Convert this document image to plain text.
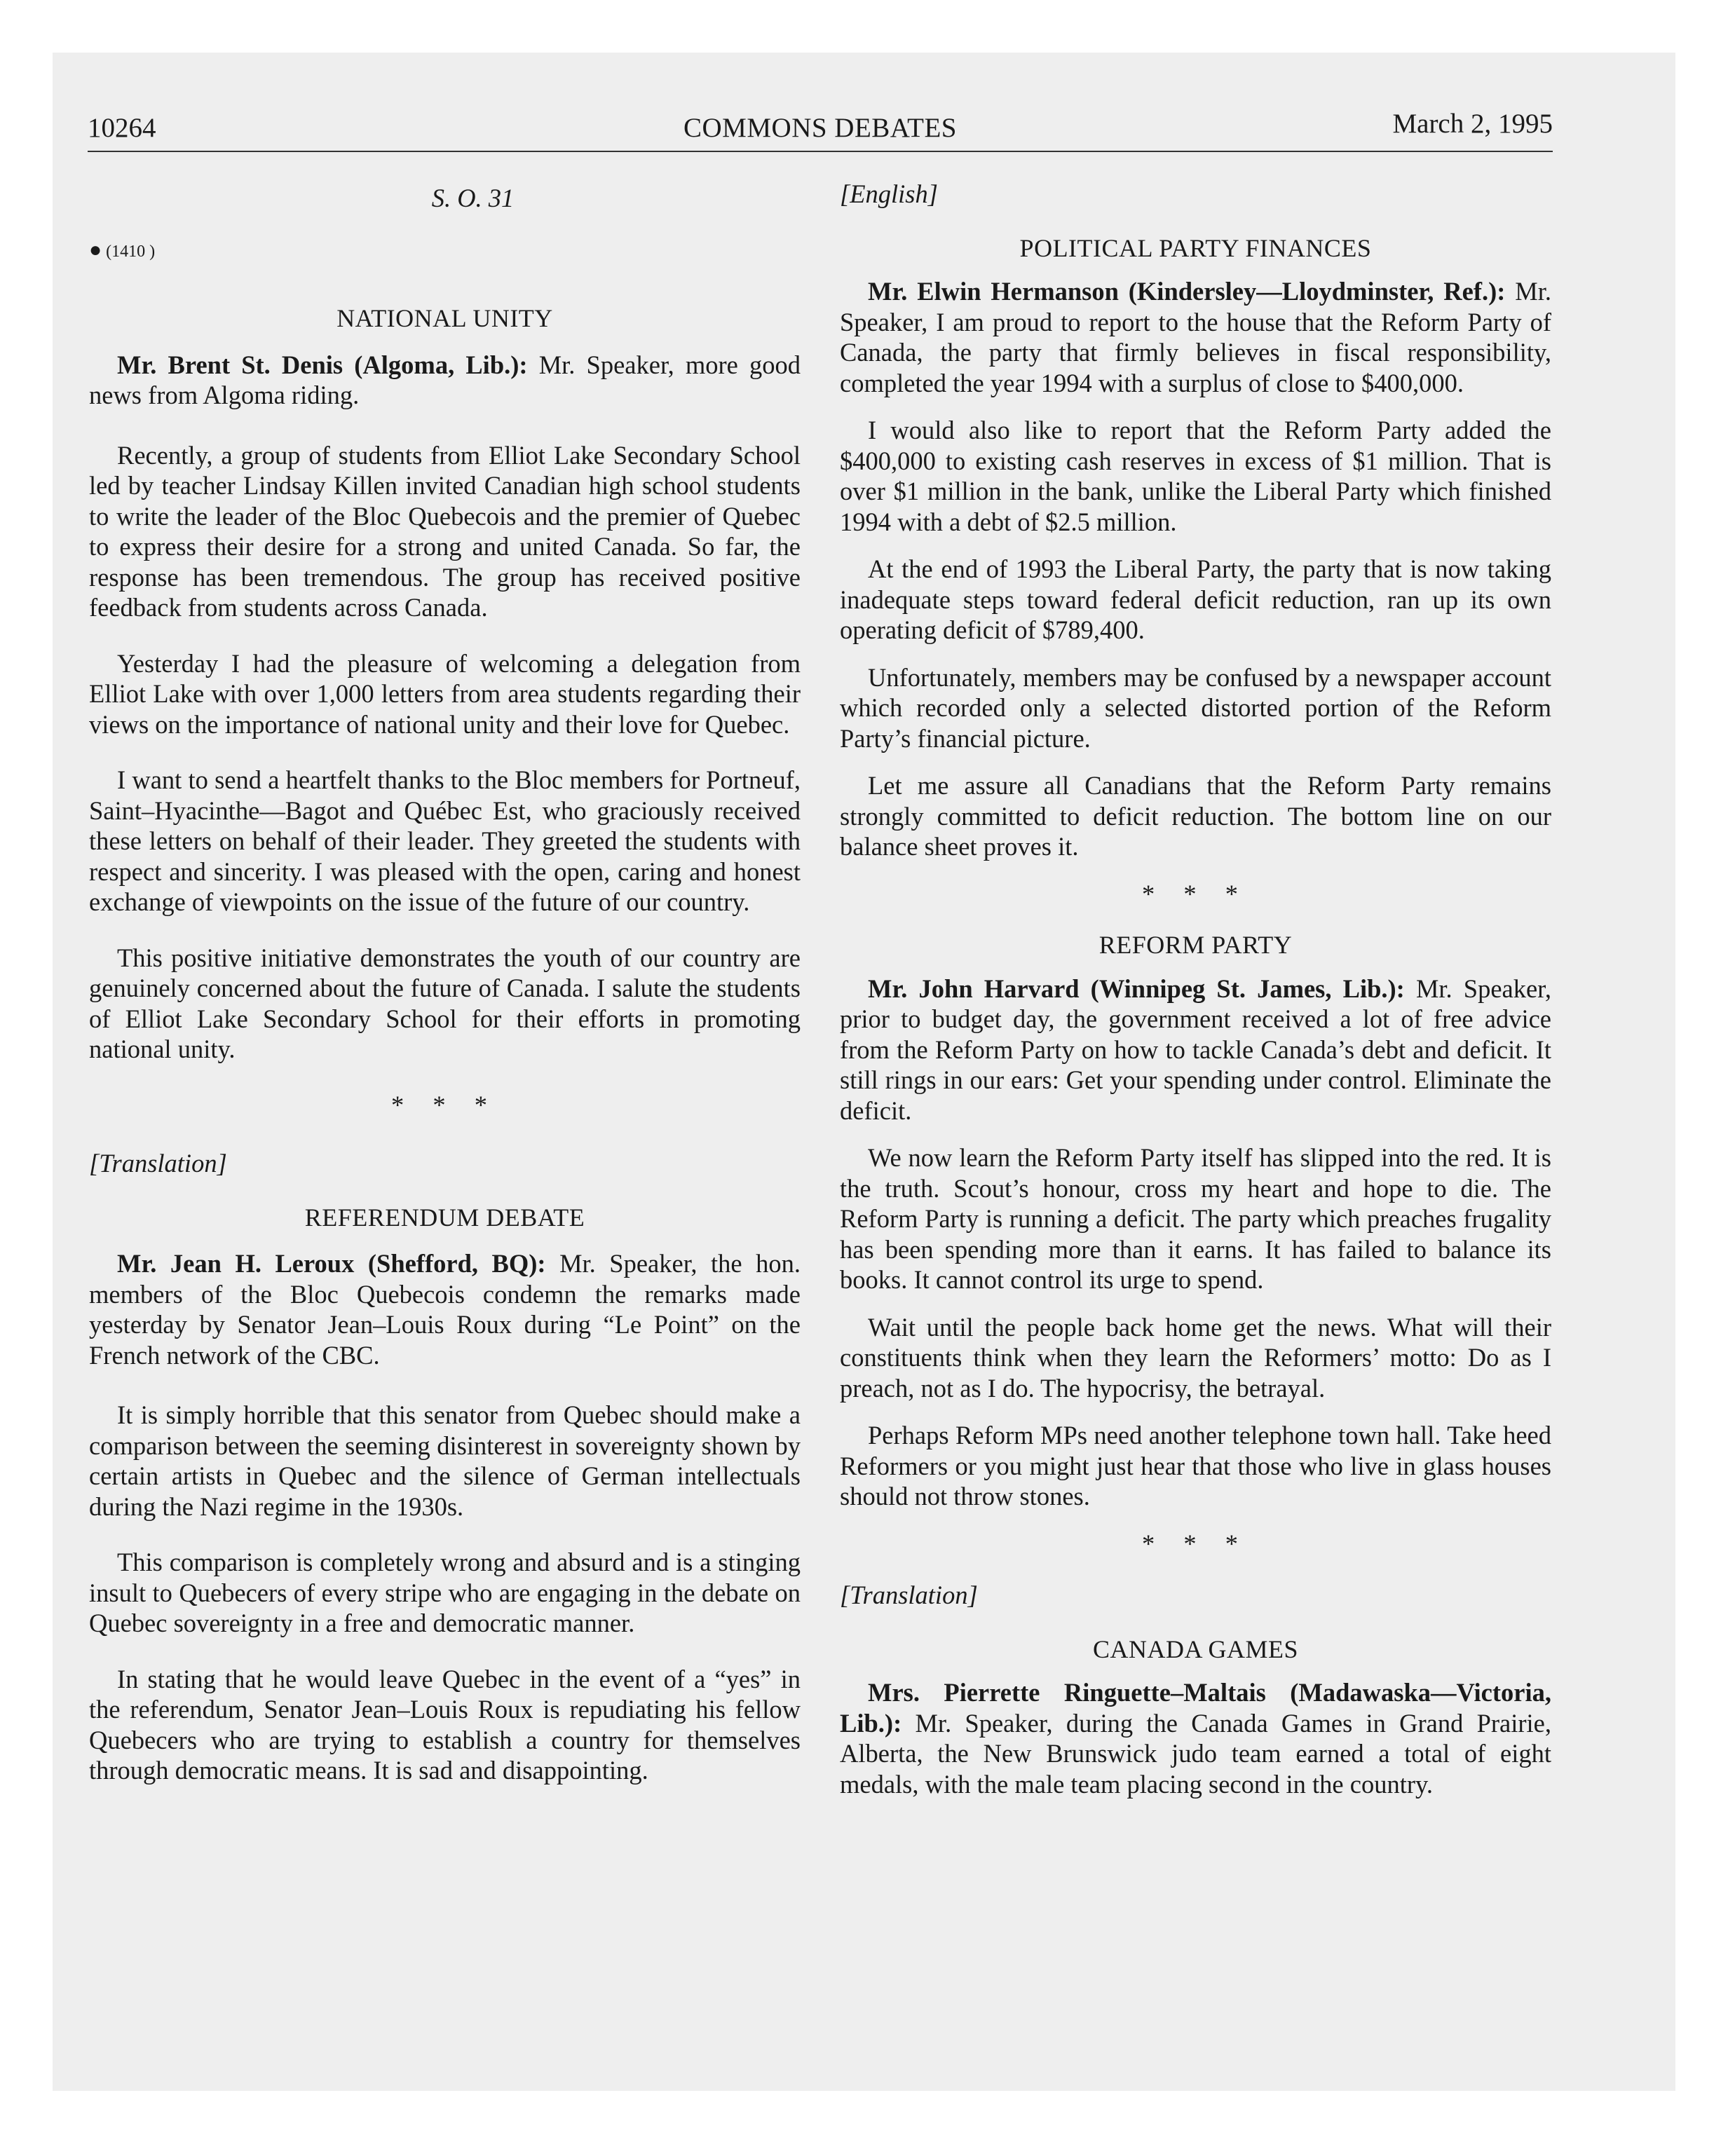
10264	COMMONS DEBATES	March 2, 1995
S. O. 31
● (1410 )
NATIONAL UNITY

Mr. Brent St. Denis (Algoma, Lib.): Mr. Speaker, more good news from Algoma riding.

Recently, a group of students from Elliot Lake Secondary School led by teacher Lindsay Killen invited Canadian high school students to write the leader of the Bloc Quebecois and the premier of Quebec to express their desire for a strong and united Canada. So far, the response has been tremendous. The group has received positive feedback from students across Canada.

Yesterday I had the pleasure of welcoming a delegation from Elliot Lake with over 1,000 letters from area students regarding their views on the importance of national unity and their love for Quebec.

I want to send a heartfelt thanks to the Bloc members for Portneuf, Saint–Hyacinthe—Bagot and Québec Est, who graciously received these letters on behalf of their leader. They greeted the students with respect and sincerity. I was pleased with the open, caring and honest exchange of viewpoints on the issue of the future of our country.

This positive initiative demonstrates the youth of our country are genuinely concerned about the future of Canada. I salute the students of Elliot Lake Secondary School for their efforts in promoting national unity.

* * *
[Translation]
REFERENDUM DEBATE

Mr. Jean H. Leroux (Shefford, BQ): Mr. Speaker, the hon. members of the Bloc Quebecois condemn the remarks made yesterday by Senator Jean–Louis Roux during “Le Point” on the French network of the CBC.

It is simply horrible that this senator from Quebec should make a comparison between the seeming disinterest in sovereignty shown by certain artists in Quebec and the silence of German intellectuals during the Nazi regime in the 1930s.

This comparison is completely wrong and absurd and is a stinging insult to Quebecers of every stripe who are engaging in the debate on Quebec sovereignty in a free and democratic manner.

In stating that he would leave Quebec in the event of a “yes” in the referendum, Senator Jean–Louis Roux is repudiating his fellow Quebecers who are trying to establish a country for themselves through democratic means. It is sad and disappointing.

[English]
POLITICAL PARTY FINANCES

Mr. Elwin Hermanson (Kindersley—Lloydminster, Ref.): Mr. Speaker, I am proud to report to the house that the Reform Party of Canada, the party that firmly believes in fiscal responsibility, completed the year 1994 with a surplus of close to $400,000.

I would also like to report that the Reform Party added the $400,000 to existing cash reserves in excess of $1 million. That is over $1 million in the bank, unlike the Liberal Party which finished 1994 with a debt of $2.5 million.

At the end of 1993 the Liberal Party, the party that is now taking inadequate steps toward federal deficit reduction, ran up its own operating deficit of $789,400.

Unfortunately, members may be confused by a newspaper account which recorded only a selected distorted portion of the Reform Party’s financial picture.

Let me assure all Canadians that the Reform Party remains strongly committed to deficit reduction. The bottom line on our balance sheet proves it.

* * *
REFORM PARTY

Mr. John Harvard (Winnipeg St. James, Lib.): Mr. Speaker, prior to budget day, the government received a lot of free advice from the Reform Party on how to tackle Canada’s debt and deficit. It still rings in our ears: Get your spending under control. Eliminate the deficit.

We now learn the Reform Party itself has slipped into the red. It is the truth. Scout’s honour, cross my heart and hope to die. The Reform Party is running a deficit. The party which preaches frugality has been spending more than it earns. It has failed to balance its books. It cannot control its urge to spend.

Wait until the people back home get the news. What will their constituents think when they learn the Reformers’ motto: Do as I preach, not as I do. The hypocrisy, the betrayal.

Perhaps Reform MPs need another telephone town hall. Take heed Reformers or you might just hear that those who live in glass houses should not throw stones.

* * *
[Translation]
CANADA GAMES

Mrs. Pierrette Ringuette–Maltais (Madawaska—Victoria, Lib.): Mr. Speaker, during the Canada Games in Grand Prairie, Alberta, the New Brunswick judo team earned a total of eight medals, with the male team placing second in the country.
